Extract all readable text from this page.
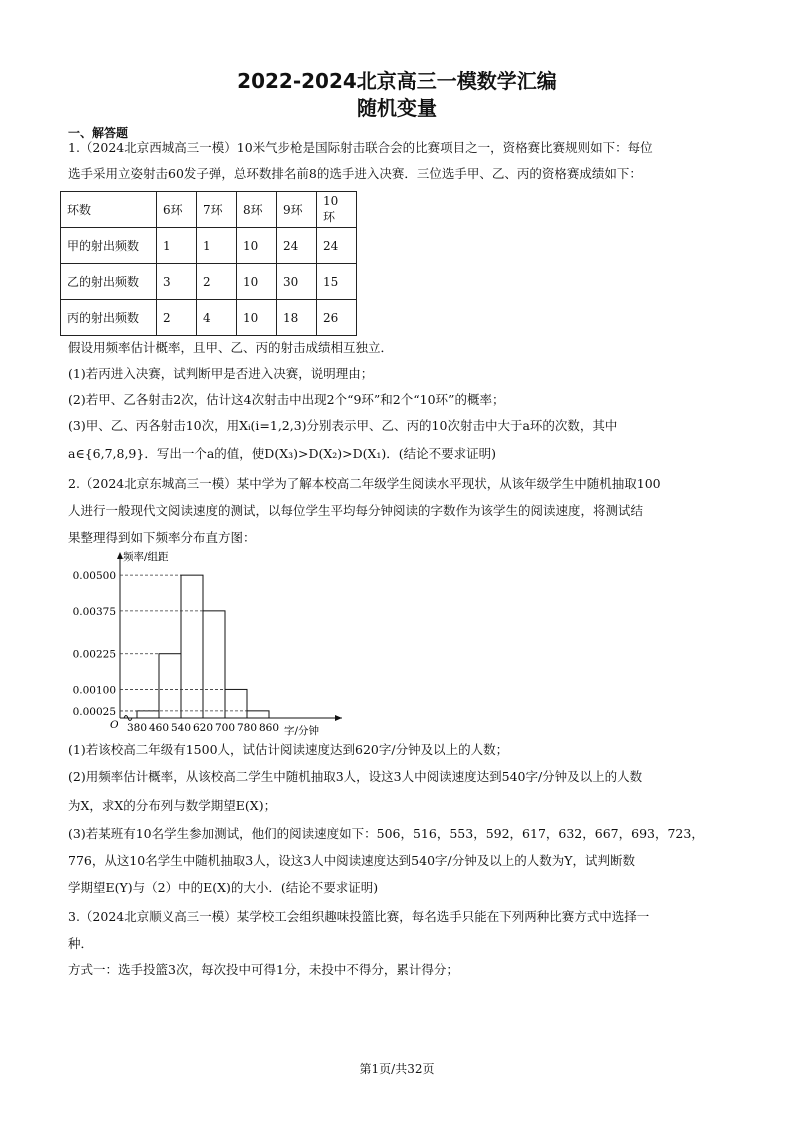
2022-2024北京高三一模数学汇编
随机变量
一、解答题
1.（2024北京西城高三一模）10米气步枪是国际射击联合会的比赛项目之一，资格赛比赛规则如下：每位
选手采用立姿射击60发子弹，总环数排名前8的选手进入决赛．三位选手甲、乙、丙的资格赛成绩如下：
环数	6环	7环	8环	9环	10环
甲的射出频数	1	1	10	24	24
乙的射出频数	3	2	10	30	15
丙的射出频数	2	4	10	18	26
假设用频率估计概率，且甲、乙、丙的射击成绩相互独立．
(1)若丙进入决赛，试判断甲是否进入决赛，说明理由；
(2)若甲、乙各射击2次，估计这4次射击中出现2个“9环”和2个“10环”的概率；
(3)甲、乙、丙各射击10次，用Xᵢ(i=1,2,3)分别表示甲、乙、丙的10次射击中大于a环的次数，其中
a∈{6,7,8,9}．写出一个a的值，使D(X₃)>D(X₂)>D(X₁)．(结论不要求证明)
2.（2024北京东城高三一模）某中学为了解本校高二年级学生阅读水平现状，从该年级学生中随机抽取100
人进行一般现代文阅读速度的测试，以每位学生平均每分钟阅读的字数作为该学生的阅读速度，将测试结
果整理得到如下频率分布直方图：
0.00025
0.00100
0.00225
0.00375
0.00500
380 460 540 620 700 780 860
O
频率/组距
字/分钟
(1)若该校高二年级有1500人，试估计阅读速度达到620字/分钟及以上的人数；
(2)用频率估计概率，从该校高二学生中随机抽取3人，设这3人中阅读速度达到540字/分钟及以上的人数
为X，求X的分布列与数学期望E(X)；
(3)若某班有10名学生参加测试，他们的阅读速度如下：506，516，553，592，617，632，667，693，723，
776，从这10名学生中随机抽取3人，设这3人中阅读速度达到540字/分钟及以上的人数为Y，试判断数
学期望E(Y)与（2）中的E(X)的大小．(结论不要求证明)
3.（2024北京顺义高三一模）某学校工会组织趣味投篮比赛，每名选手只能在下列两种比赛方式中选择一
种．
方式一：选手投篮3次，每次投中可得1分，未投中不得分，累计得分；
第1页/共32页
